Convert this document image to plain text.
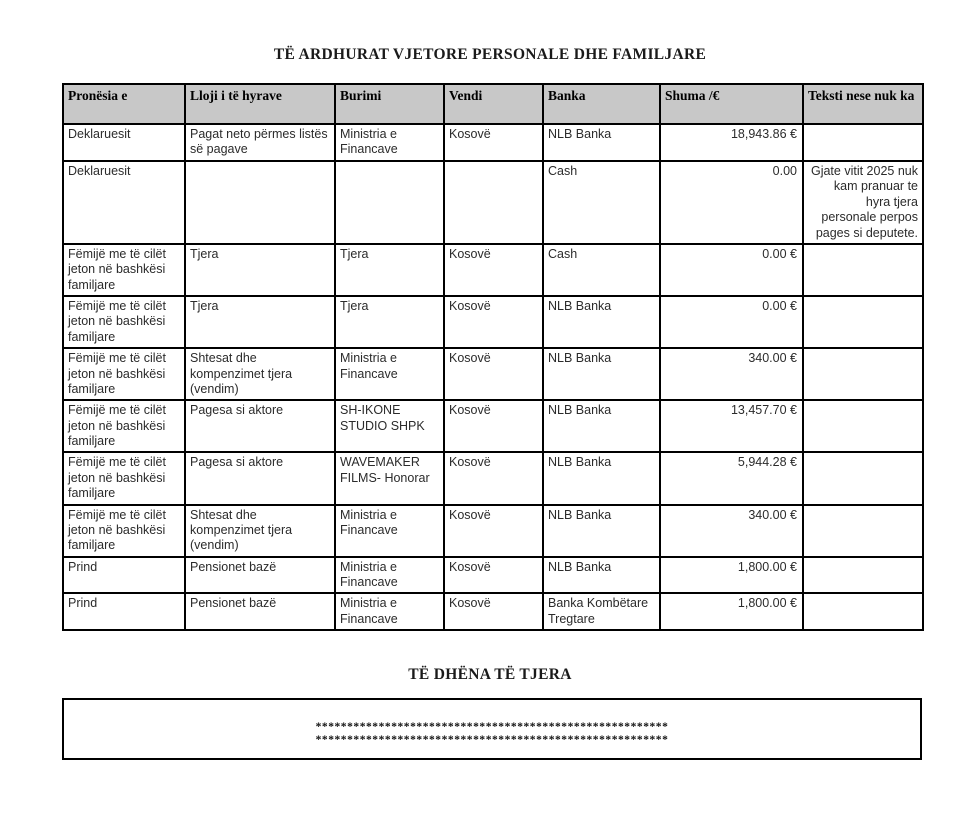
TË ARDHURAT VJETORE PERSONALE DHE FAMILJARE
Pronësia e	Lloji i të hyrave	Burimi	Vendi	Banka	Shuma /€	Teksti nese nuk ka
Deklaruesit	Pagat neto përmes listës së pagave	Ministria e Financave	Kosovë	NLB Banka	18,943.86 €	
Deklaruesit				Cash	0.00	Gjate vitit 2025 nuk kam pranuar te hyra tjera personale perpos pages si deputete.
Fëmijë me të cilët jeton në bashkësi familjare	Tjera	Tjera	Kosovë	Cash	0.00 €	
Fëmijë me të cilët jeton në bashkësi familjare	Tjera	Tjera	Kosovë	NLB Banka	0.00 €	
Fëmijë me të cilët jeton në bashkësi familjare	Shtesat dhe kompenzimet tjera (vendim)	Ministria e Financave	Kosovë	NLB Banka	340.00 €	
Fëmijë me të cilët jeton në bashkësi familjare	Pagesa si aktore	SH-IKONE STUDIO SHPK	Kosovë	NLB Banka	13,457.70 €	
Fëmijë me të cilët jeton në bashkësi familjare	Pagesa si aktore	WAVEMAKER FILMS- Honorar	Kosovë	NLB Banka	5,944.28 €	
Fëmijë me të cilët jeton në bashkësi familjare	Shtesat dhe kompenzimet tjera (vendim)	Ministria e Financave	Kosovë	NLB Banka	340.00 €	
Prind	Pensionet bazë	Ministria e Financave	Kosovë	NLB Banka	1,800.00 €	
Prind	Pensionet bazë	Ministria e Financave	Kosovë	Banka Kombëtare Tregtare	1,800.00 €	
TË DHËNA TË TJERA
********************************************************
********************************************************
